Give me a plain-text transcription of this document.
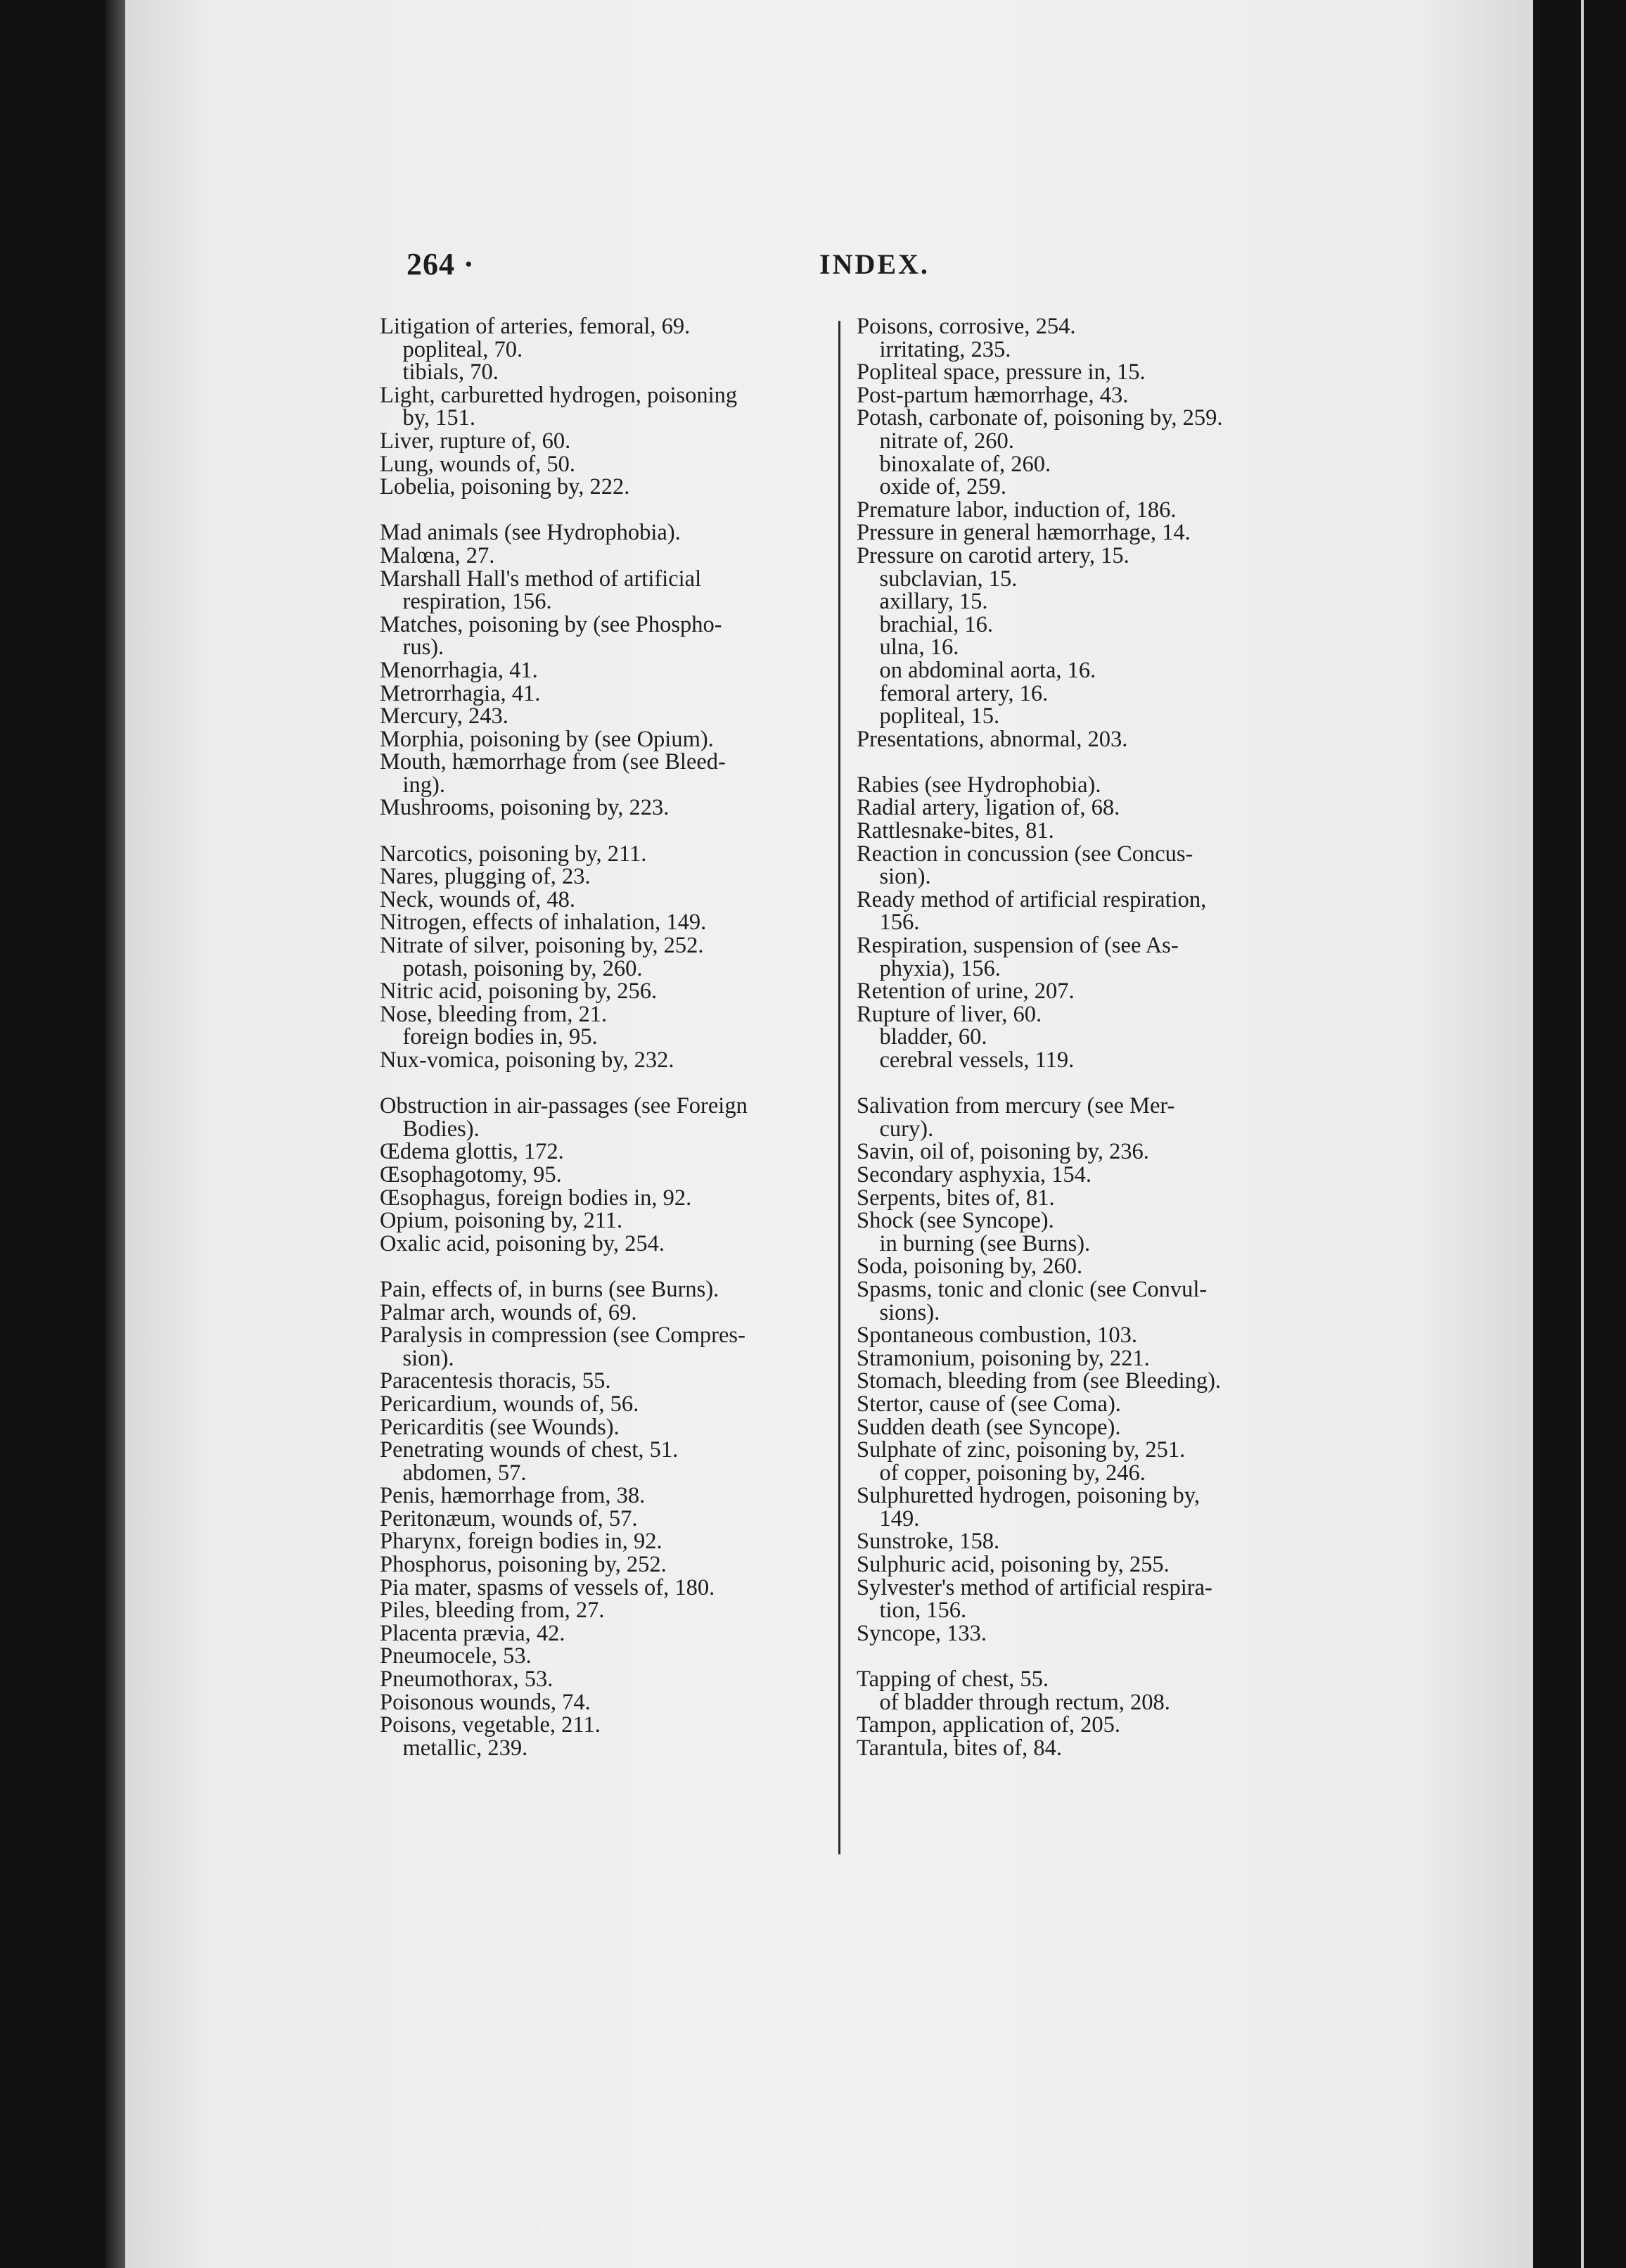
264 ·	INDEX.
Litigation of arteries, femoral, 69.
popliteal, 70.
tibials, 70.
Light, carburetted hydrogen, poisoning
by, 151.
Liver, rupture of, 60.
Lung, wounds of, 50.
Lobelia, poisoning by, 222.
Mad animals (see Hydrophobia).
Malœna, 27.
Marshall Hall's method of artificial
respiration, 156.
Matches, poisoning by (see Phospho-
rus).
Menorrhagia, 41.
Metrorrhagia, 41.
Mercury, 243.
Morphia, poisoning by (see Opium).
Mouth, hæmorrhage from (see Bleed-
ing).
Mushrooms, poisoning by, 223.
Narcotics, poisoning by, 211.
Nares, plugging of, 23.
Neck, wounds of, 48.
Nitrogen, effects of inhalation, 149.
Nitrate of silver, poisoning by, 252.
potash, poisoning by, 260.
Nitric acid, poisoning by, 256.
Nose, bleeding from, 21.
foreign bodies in, 95.
Nux-vomica, poisoning by, 232.
Obstruction in air-passages (see Foreign
Bodies).
Œdema glottis, 172.
Œsophagotomy, 95.
Œsophagus, foreign bodies in, 92.
Opium, poisoning by, 211.
Oxalic acid, poisoning by, 254.
Pain, effects of, in burns (see Burns).
Palmar arch, wounds of, 69.
Paralysis in compression (see Compres-
sion).
Paracentesis thoracis, 55.
Pericardium, wounds of, 56.
Pericarditis (see Wounds).
Penetrating wounds of chest, 51.
abdomen, 57.
Penis, hæmorrhage from, 38.
Peritonæum, wounds of, 57.
Pharynx, foreign bodies in, 92.
Phosphorus, poisoning by, 252.
Pia mater, spasms of vessels of, 180.
Piles, bleeding from, 27.
Placenta prævia, 42.
Pneumocele, 53.
Pneumothorax, 53.
Poisonous wounds, 74.
Poisons, vegetable, 211.
metallic, 239.
Poisons, corrosive, 254.
irritating, 235.
Popliteal space, pressure in, 15.
Post-partum hæmorrhage, 43.
Potash, carbonate of, poisoning by, 259.
nitrate of, 260.
binoxalate of, 260.
oxide of, 259.
Premature labor, induction of, 186.
Pressure in general hæmorrhage, 14.
Pressure on carotid artery, 15.
subclavian, 15.
axillary, 15.
brachial, 16.
ulna, 16.
on abdominal aorta, 16.
femoral artery, 16.
popliteal, 15.
Presentations, abnormal, 203.
Rabies (see Hydrophobia).
Radial artery, ligation of, 68.
Rattlesnake-bites, 81.
Reaction in concussion (see Concus-
sion).
Ready method of artificial respiration,
156.
Respiration, suspension of (see As-
phyxia), 156.
Retention of urine, 207.
Rupture of liver, 60.
bladder, 60.
cerebral vessels, 119.
Salivation from mercury (see Mer-
cury).
Savin, oil of, poisoning by, 236.
Secondary asphyxia, 154.
Serpents, bites of, 81.
Shock (see Syncope).
in burning (see Burns).
Soda, poisoning by, 260.
Spasms, tonic and clonic (see Convul-
sions).
Spontaneous combustion, 103.
Stramonium, poisoning by, 221.
Stomach, bleeding from (see Bleeding).
Stertor, cause of (see Coma).
Sudden death (see Syncope).
Sulphate of zinc, poisoning by, 251.
of copper, poisoning by, 246.
Sulphuretted hydrogen, poisoning by,
149.
Sunstroke, 158.
Sulphuric acid, poisoning by, 255.
Sylvester's method of artificial respira-
tion, 156.
Syncope, 133.
Tapping of chest, 55.
of bladder through rectum, 208.
Tampon, application of, 205.
Tarantula, bites of, 84.
